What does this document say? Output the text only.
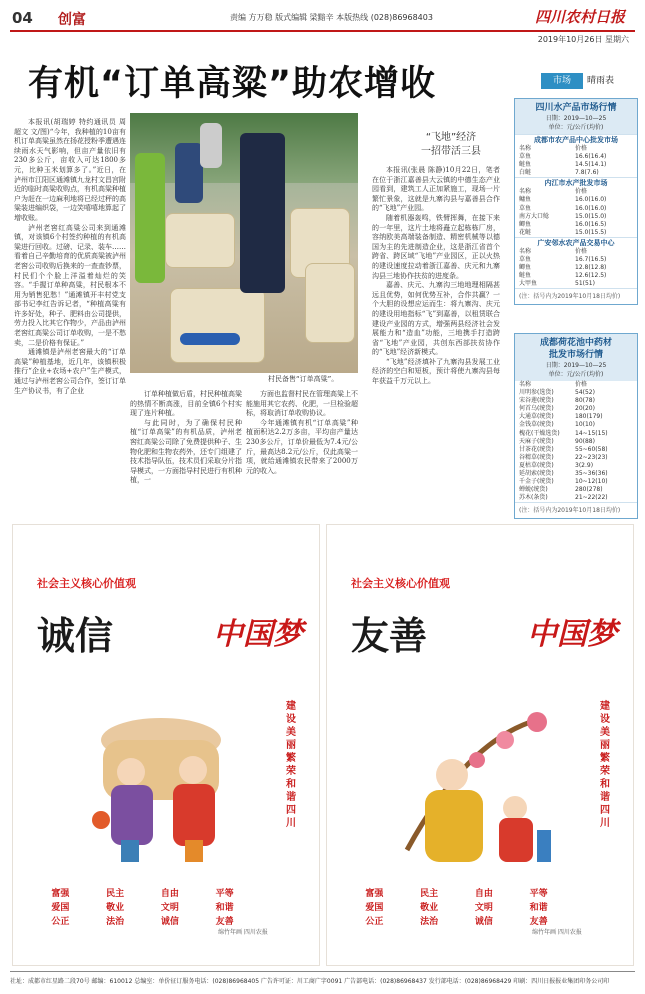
04 创富	责编 方万稳 版式编辑 梁黯辛 本版热线 (028)86968403	四川农村日报
2019年10月26日 星期六
有机“订单高粱”助农增收

本报讯(胡瑞婷 特约通讯员 周超文 文/图)“今年，我种植的10亩有机订单高粱虽然在扬花授粉季遭遇连续雨水天气影响，但亩产量依旧有230多公斤，亩收入可达1800多元，比种玉米划算多了。”近日，在泸州市江阳区通滩镇九龙村文昌宫附近的临时高粱收购点，有机高粱种植户为赶在一边麻利地将已经过秤的高粱装进编织袋，一边笑嘻嘻地算起了增收账。

泸州老窖红高粱公司来到通滩镇，对该镇6个村签约种植的有机高粱进行回收。过磅、记录、装车……看着自己辛勤培育的优质高粱被泸州老窖公司收购后换来的一查查钞票，村民们个个脸上洋溢着灿烂的笑容。“手握订单种高粱，村民根本不用为销售犯愁！”通滩镇开丰村党支部书记李红告诉记者，“种植高粱有许多好处，种子、肥料由公司提供，劳力投入比其它作物少，产品由泸州老窖红高粱公司订单收购，一是不愁卖，二是价格有保证。”

通滩镇是泸州老窖最大的“订单高粱”种植基地，近几年，该镇积极推行“企业+农场+农户”生产模式，通过与泸州老窖公司合作，签订订单生产协议书，有了企业

村民备售“订单高粱”。

订单种植做后盾，村民种植高粱的热情不断高涨，目前全镇6个村实现了连片种植。

与此同时，为了确保村民种植“订单高粱”的有机品质，泸州老窖红高粱公司除了免费提供种子、生物化肥和生物农药外，还专门组建了技术指导队伍，技术员们采取分片指导模式，一方面指导村民进行有机种植，一

方面也监督村民在管理高粱上不能施用其它农药、化肥，一旦检验超标，将取消订单收购协议。

今年通滩镇有机“订单高粱”种植面积达2.2万多亩，平均亩产量达230多公斤，订单价最低为7.4元/公斤，最高达8.2元/公斤，仅此高粱一项，就给通滩镇农民带来了2000万元的收入。

“飞地”经济
一招带活三县

本报讯(张晨 陈静)10月22日，笔者在位于浙江嘉善县大云镇的中德生态产业园看到，建筑工人正加紧施工，现场一片繁忙景象，这就是九寨沟县与嘉善县合作的“飞地”产业园。

随着机器轰鸣，铁臂挥舞，在接下来的一年里，这片土地将矗立起栋栋厂房，容纳欧美高端装备制造、精密机械等以德国为主的先进制造企业，这是浙江省首个跨省、跨区域“飞地”产业园区，正以火热的建设速度拉动着浙江嘉善、庆元和九寨沟县三地协作扶贫的进度条。

嘉善、庆元、九寨沟三地地理相隔甚远且优势，如何优势互补，合作共赢？一个大胆的设想应运而生：将九寨沟、庆元的建设用地指标“飞”到嘉善，以租赁联合建设产业园的方式，增强两县经济社会发展能力和“造血”功能，三地携手打造跨省“飞地”产业园，共创东西部扶贫协作的“飞地”经济新模式。

“飞地”经济填补了九寨沟县发展工业经济的空白和短板，预计将使九寨沟县每年获益千万元以上。

市场	晴雨表
四川水产品市场行情
日期：2019—10—25
单位：元/公斤(均价)
成都市农产品中心批发市场
名称	价格
草鱼	16.6(16.4)
鲢鱼	14.5(14.1)
白鲢	7.8(7.6)
内江市水产批发市场
名称	价格
鳙鱼	16.0(16.0)
草鱼	16.0(16.0)
南方大口鲶	15.0(15.0)
鲫鱼	16.0(16.5)
花鲢	15.0(15.5)
广安邻水农产品交易中心
名称	价格
草鱼	16.7(16.5)
鲫鱼	12.8(12.8)
鲢鱼	12.6(12.5)
大甲鱼	51(51)
(注：括号内为2019年10月18日均价)
成都荷花池中药材
批发市场行情
日期：2019—10—25
单位：元/公斤(均价)
名称	价格
川明参(选货)	54(52)
宋谷莲(统货)	80(78)
何首乌(统货)	20(20)
大通草(统货)	180(179)
金钱草(统货)	10(10)
槐花(干燥选货)	14~15(15)
天麻子(统货)	90(88)
甘茶花(统货)	55~60(58)
谷精草(统货)	22~23(23)
夏枯草(统货)	3(2.9)
延胡索(统货)	35~36(36)
千金子(统货)	10~12(10)
蝉蜕(统货)	280(278)
苏木(条货)	21~22(22)
(注：括号内为2019年10月18日均价)
社会主义核心价值观
诚信	中国梦
建设美丽繁荣和谐四川
富强	民主	自由	平等
爱国	敬业	文明	和谐
公正	法治	诚信	友善
绵竹年画 四川农报
社会主义核心价值观
友善	中国梦
建设美丽繁荣和谐四川
富强	民主	自由	平等
爱国	敬业	文明	和谐
公正	法治	诚信	友善
绵竹年画 四川农报
社址：成都市红星路二段70号 邮编：610012 总编室：单价征订服务电话：(028)86968405 广告许可证：川工商广字0091 广告部电话：(028)86968437 发行部电话：(028)86968429 印刷：四川日报报业集团印务公司印
